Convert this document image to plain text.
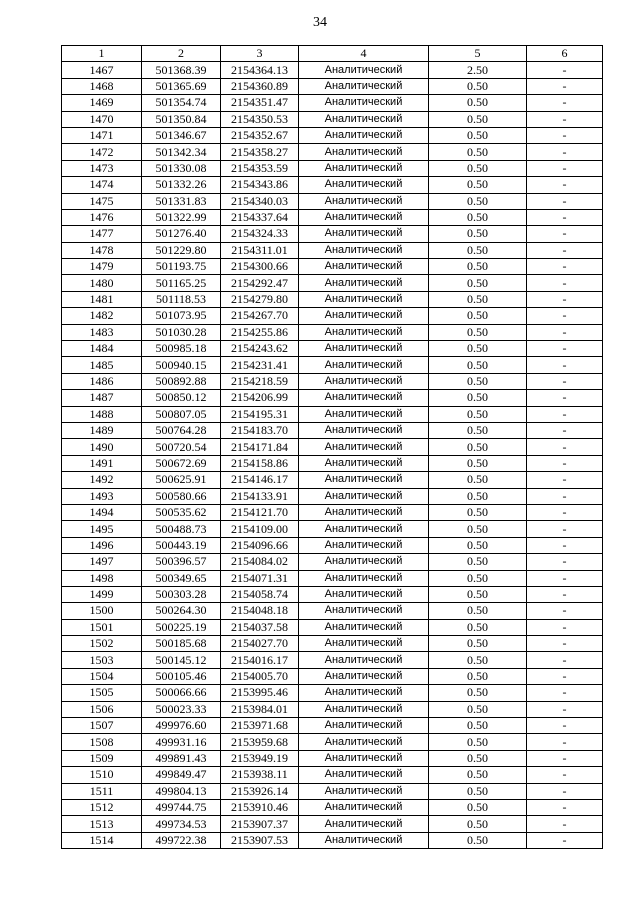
34
1	2	3	4	5	6
1467	501368.39	2154364.13	Аналитический	2.50	-
1468	501365.69	2154360.89	Аналитический	0.50	-
1469	501354.74	2154351.47	Аналитический	0.50	-
1470	501350.84	2154350.53	Аналитический	0.50	-
1471	501346.67	2154352.67	Аналитический	0.50	-
1472	501342.34	2154358.27	Аналитический	0.50	-
1473	501330.08	2154353.59	Аналитический	0.50	-
1474	501332.26	2154343.86	Аналитический	0.50	-
1475	501331.83	2154340.03	Аналитический	0.50	-
1476	501322.99	2154337.64	Аналитический	0.50	-
1477	501276.40	2154324.33	Аналитический	0.50	-
1478	501229.80	2154311.01	Аналитический	0.50	-
1479	501193.75	2154300.66	Аналитический	0.50	-
1480	501165.25	2154292.47	Аналитический	0.50	-
1481	501118.53	2154279.80	Аналитический	0.50	-
1482	501073.95	2154267.70	Аналитический	0.50	-
1483	501030.28	2154255.86	Аналитический	0.50	-
1484	500985.18	2154243.62	Аналитический	0.50	-
1485	500940.15	2154231.41	Аналитический	0.50	-
1486	500892.88	2154218.59	Аналитический	0.50	-
1487	500850.12	2154206.99	Аналитический	0.50	-
1488	500807.05	2154195.31	Аналитический	0.50	-
1489	500764.28	2154183.70	Аналитический	0.50	-
1490	500720.54	2154171.84	Аналитический	0.50	-
1491	500672.69	2154158.86	Аналитический	0.50	-
1492	500625.91	2154146.17	Аналитический	0.50	-
1493	500580.66	2154133.91	Аналитический	0.50	-
1494	500535.62	2154121.70	Аналитический	0.50	-
1495	500488.73	2154109.00	Аналитический	0.50	-
1496	500443.19	2154096.66	Аналитический	0.50	-
1497	500396.57	2154084.02	Аналитический	0.50	-
1498	500349.65	2154071.31	Аналитический	0.50	-
1499	500303.28	2154058.74	Аналитический	0.50	-
1500	500264.30	2154048.18	Аналитический	0.50	-
1501	500225.19	2154037.58	Аналитический	0.50	-
1502	500185.68	2154027.70	Аналитический	0.50	-
1503	500145.12	2154016.17	Аналитический	0.50	-
1504	500105.46	2154005.70	Аналитический	0.50	-
1505	500066.66	2153995.46	Аналитический	0.50	-
1506	500023.33	2153984.01	Аналитический	0.50	-
1507	499976.60	2153971.68	Аналитический	0.50	-
1508	499931.16	2153959.68	Аналитический	0.50	-
1509	499891.43	2153949.19	Аналитический	0.50	-
1510	499849.47	2153938.11	Аналитический	0.50	-
1511	499804.13	2153926.14	Аналитический	0.50	-
1512	499744.75	2153910.46	Аналитический	0.50	-
1513	499734.53	2153907.37	Аналитический	0.50	-
1514	499722.38	2153907.53	Аналитический	0.50	-
